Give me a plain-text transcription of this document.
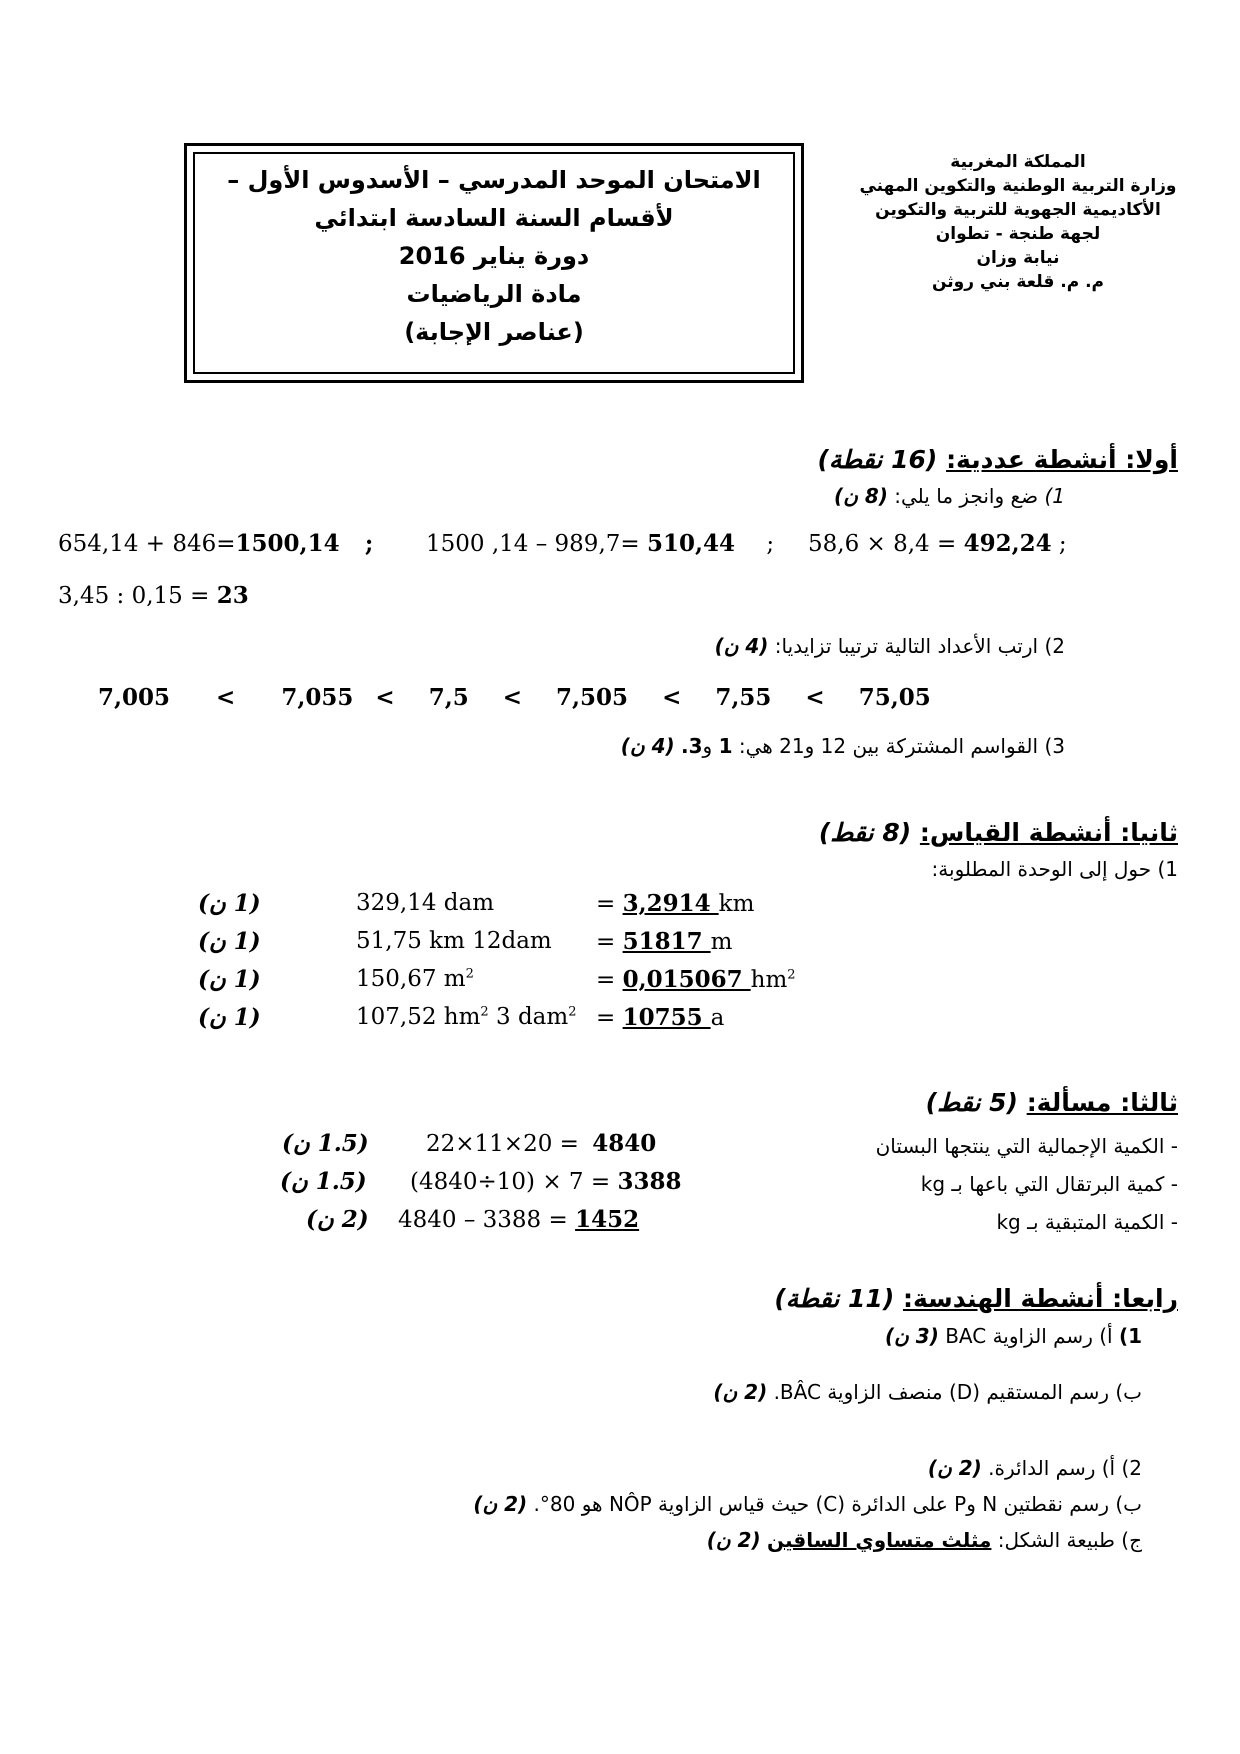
المملكة المغربية
وزارة التربية الوطنية والتكوين المهني
الأكاديمية الجهوية للتربية والتكوين
لجهة طنجة - تطوان
نيابة وزان
م. م. قلعة بني روثن
الامتحان الموحد المدرسي – الأسدوس الأول –
لأقسام السنة السادسة ابتدائي
دورة يناير 2016
مادة الرياضيات
(عناصر الإجابة)
أولا: أنشطة عددية: (16 نقطة)
1) ضع وانجز ما يلي: (8 ن)
654,14 + 846=1500,14 ; 1500 ,14 – 989,7= 510,44 ; 58,6 × 8,4 = 492,24 ;
3,45 : 0,15 = 23
2) ارتب الأعداد التالية ترتيبا تزايديا: (4 ن)
7,005 < 7,055 < 7,5 < 7,505 < 7,55 < 75,05
3) القواسم المشتركة بين 12 و21 هي: 1 و3. (4 ن)
ثانيا: أنشطة القياس: (8 نقط)
1) حول إلى الوحدة المطلوبة:
(1 ن)	329,14 dam	= 3,2914 km
(1 ن)	51,75 km 12dam = 51817 m
(1 ن)	150,67 $m^2$	= 0,015067 $hm^2$
(1 ن)	107,52 $hm^2$ 3 dam$^2$ = 10755 a
ثالثا: مسألة: (5 نقط)
- الكمية الإجمالية التي ينتجها البستان
22×11×20 = 4840
(1.5 ن)
- كمية البرتقال التي باعها بـ kg
(4840÷10) × 7 = 3388
(1.5 ن)
- الكمية المتبقية بـ kg
4840 – 3388 = 1452
(2 ن)
رابعا: أنشطة الهندسة: (11 نقطة)
1) أ) رسم الزاوية BAC (3 ن)
ب) رسم المستقيم (D) منصف الزاوية BÂC. (2 ن)
2) أ) رسم الدائرة. (2 ن)
ب) رسم نقطتين N وP على الدائرة (C) حيث قياس الزاوية NÔP هو 80°. (2 ن)
ج) طبيعة الشكل: مثلث متساوي الساقين (2 ن)
